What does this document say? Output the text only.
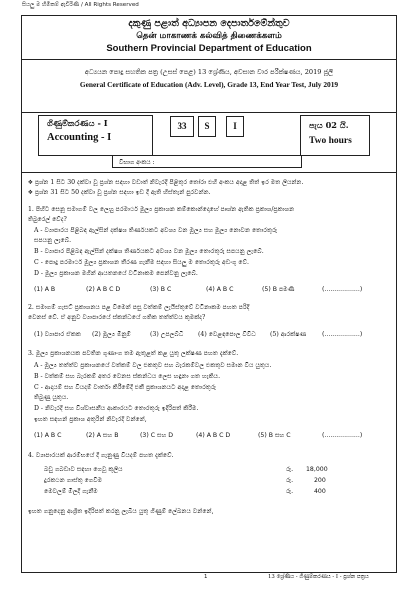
සියලු ම හිමිකම් ඇවිරිණි / All Rights Reserved
දකුණු පළාත් අධ්‍යාපන දෙපාර්තමේන්තුව
தென் மாகாணக் கல்வித் திணைக்களம்
Southern Provincial Department of Education
අධ්‍යයන පොදු සහතික පත්‍ර (උසස් පෙළ) 13 ශ්‍රේණිය, අවසාන වාර පරීක්ෂණය, 2019 ජූලි
General Certificate of Education (Adv. Level), Grade 13, End Year Test, July 2019
ගිණුම්කරණය - I
Accounting - I
33	S	I	පැය 02 යි.
Two hours
විභාග අංකය :
❖ ප්‍රශ්න 1 සිට 30 දක්වා වූ ප්‍රශ්න සඳහා වඩාත් නිවැරදි පිළිතුර තෝරා එහි අංකය අදාළ තිත් ඉර මත ලියන්න.
❖ ප්‍රශ්න 31 සිට 50 දක්වා වූ ප්‍රශ්න සඳහා ඉඩ දී ඇති හිස්තැන් පුරවන්න.
1. පිහිට සෙනූ සමාගම් වල ලෙහු පරමාර්ථ මූල්‍ය ප්‍රකාශන කම්කොන්දොහේ පෘශ්‍න ඇතික ප්‍රකාශ/ප්‍රකාශන
තිබුරෙල් වේද?
A - ව්‍යාපාරය පිළිබඳ ඇල්සින් දක්ෂශ තිර්ණයකට අවශ්‍ය වන මූල්‍ය සහ මූල්‍ය නොවන තොරතුරු
සපයනු ලැබේ.
B - ව්‍යාපාර පිළිබඳ ඇල්සින් දක්ෂශ තිර්ණයකට අවශ්‍ය වන මූල්‍ය තොරතුරු සපයනු ලැබේ.
C - පොදු පරමාර්ථ මූල්‍ය ප්‍රකාශන තීරණ ගැනීම සඳහා සියලු ම තොරතුරු අඩංගු වේ.
D - මූල්‍ය ප්‍රකාශන මගින් ආයතනයේ වටිනාකම පෙන්වනු ලැබේ.
(1) A B	(2) A B C D	(3) B C	(4) A B C	(5) B පමණි	(..................)
2. සමාගම් ගැසට් ප්‍රකාශනය පළ වීමෙන් පසු වත්කම් ලැයිස්තුවේ වටිනාකම පහත පරිදි
වෙනස් වේ. ඒ අනුව ව්‍යාපාරයේ ස්කන්ධයේ ගතික තත්ත්වය කුමක්ද?
(1) ව්‍යාපාර ඒකක (2) මූල්‍ය මිනුම්	(3) උපලබ්ධි (4) වෙළඳපොල විවිධ (5) ආරක්ෂණ	(..................)
3. මූල්‍ය ප්‍රකාශනයක පවතින ගුණාංග තම ඇතුළත් කළ යුතු ලක්ෂණ පහත දැක්වේ.
A - මූල්‍ය තත්ත්ව ප්‍රකාශනයේ වත්කම් වල එකතුව සහ බැරකම්වල එකතුව සමාන විය යුතුය.
B - වත්කම් සහ බැරකම් අතර වෙනස ස්කන්ධය ලෙස හඳුනා ගත හැකිය.
C - ආදායම් සහ වියදම් වාර්තා කිරීමේදී එකී ප්‍රකාශනයට අදාළ තොරතුරු
තිබුණු යුතුය.
D - නිවැරදි සහ විශ්වාසනීය ආකාරයට තොරතුරු ඉදිරිපත් කිරීම.
ඉහත සඳහන් ප්‍රකාශ අතුරින් නිවැරදි වන්නේ,
(1) A B C	(2) A සහ B	(3) C සහ D	(4) A B C D	(5) B සහ C	(..................)
4. ව්‍යාපාරයක් ආරම්භයේ දී ගැනුණු වියදම් පහත දැක්වේ.
බඩු ගබඩාව සඳහා ගෙවූ කුලිය	රු. 18,000
දුරකථන ගාස්තු ගෙවීම	රු.	200
මෙවලම් මිලදී ගැනීම	රු.	400
ඉහත ගනුදෙනු ආශ්‍රිත ඉදිරිපත් කරනු ලැබිය යුතු ගිණුම් ලේඛනය වන්නේ,
1	13 ශ්‍රේණිය - ගිණුම්කරණය - I - ප්‍රශ්න පත්‍රය
